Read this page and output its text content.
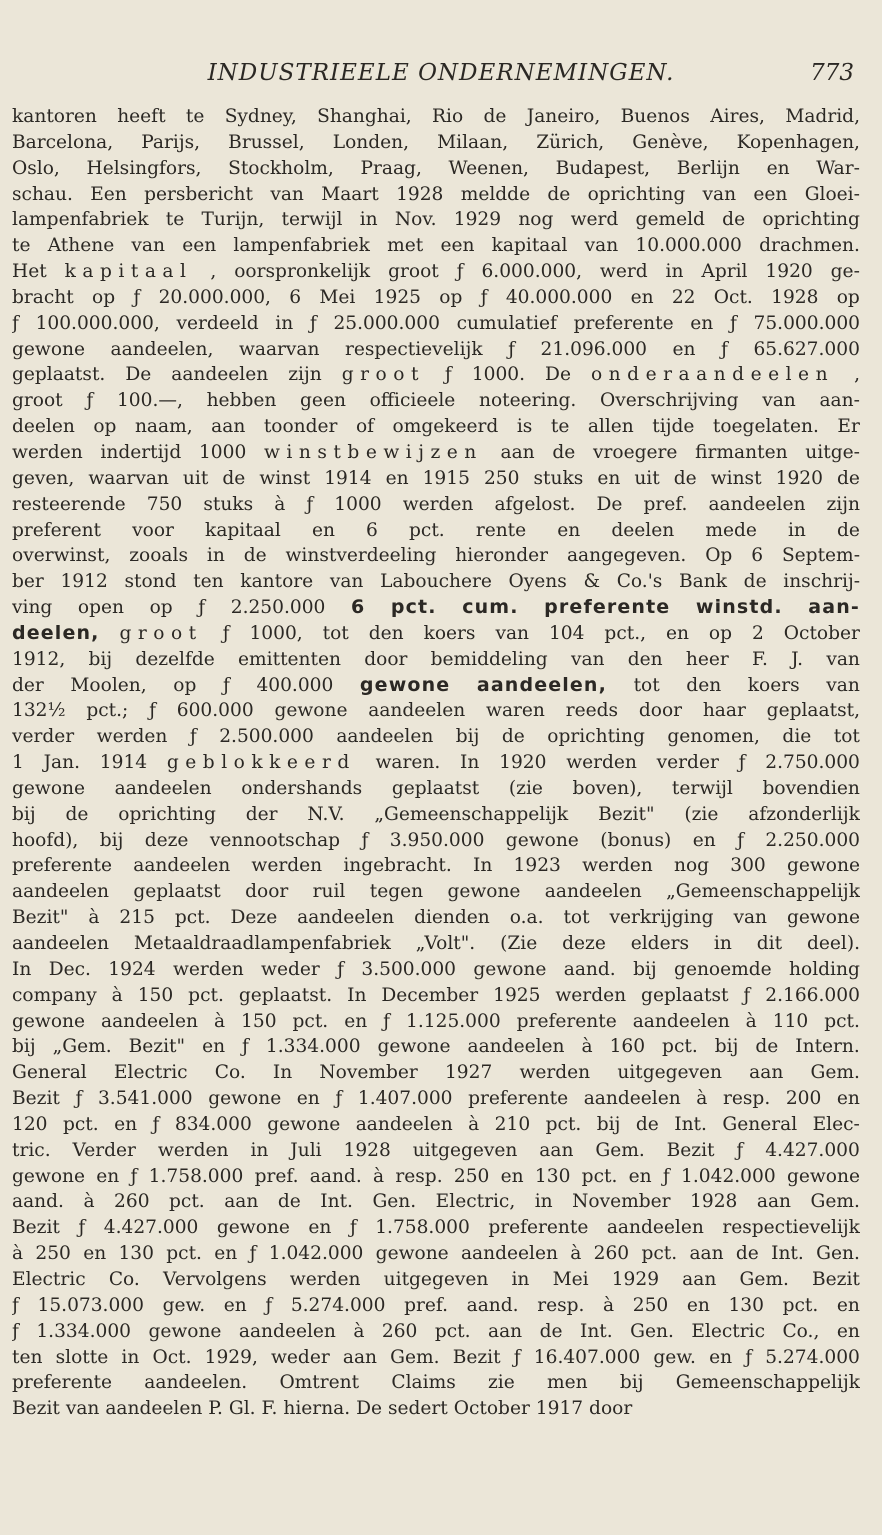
INDUSTRIEELE ONDERNEMINGEN.	773
kantoren heeft te Sydney, Shanghai, Rio de Janeiro, Buenos Aires, Madrid,
Barcelona, Parijs, Brussel, Londen, Milaan, Zürich, Genève, Kopenhagen,
Oslo, Helsingfors, Stockholm, Praag, Weenen, Budapest, Berlijn en War-
schau. Een persbericht van Maart 1928 meldde de oprichting van een Gloei-
lampenfabriek te Turijn, terwijl in Nov. 1929 nog werd gemeld de oprichting
te Athene van een lampenfabriek met een kapitaal van 10.000.000 drachmen.
Het kapitaal , oorspronkelijk groot ƒ 6.000.000, werd in April 1920 ge-
bracht op ƒ 20.000.000, 6 Mei 1925 op ƒ 40.000.000 en 22 Oct. 1928 op
ƒ 100.000.000, verdeeld in ƒ 25.000.000 cumulatief preferente en ƒ 75.000.000
gewone aandeelen, waarvan respectievelijk ƒ 21.096.000 en ƒ 65.627.000
geplaatst. De aandeelen zijn groot ƒ 1000. De onderaandeelen ,
groot ƒ 100.—, hebben geen officieele noteering. Overschrijving van aan-
deelen op naam, aan toonder of omgekeerd is te allen tijde toegelaten. Er
werden indertijd 1000 winstbewijzen aan de vroegere firmanten uitge-
geven, waarvan uit de winst 1914 en 1915 250 stuks en uit de winst 1920 de
resteerende 750 stuks à ƒ 1000 werden afgelost. De pref. aandeelen zijn
preferent voor kapitaal en 6 pct. rente en deelen mede in de
overwinst, zooals in de winstverdeeling hieronder aangegeven. Op 6 Septem-
ber 1912 stond ten kantore van Labouchere Oyens & Co.'s Bank de inschrij-
ving open op ƒ 2.250.000 6 pct. cum. preferente winstd. aan-
deelen, groot ƒ 1000, tot den koers van 104 pct., en op 2 October
1912, bij dezelfde emittenten door bemiddeling van den heer F. J. van
der Moolen, op ƒ 400.000 gewone aandeelen, tot den koers van
132½ pct.; ƒ 600.000 gewone aandeelen waren reeds door haar geplaatst,
verder werden ƒ 2.500.000 aandeelen bij de oprichting genomen, die tot
1 Jan. 1914 geblokkeerd waren. In 1920 werden verder ƒ 2.750.000
gewone aandeelen ondershands geplaatst (zie boven), terwijl bovendien
bij de oprichting der N.V. „Gemeenschappelijk Bezit" (zie afzonderlijk
hoofd), bij deze vennootschap ƒ 3.950.000 gewone (bonus) en ƒ 2.250.000
preferente aandeelen werden ingebracht. In 1923 werden nog 300 gewone
aandeelen geplaatst door ruil tegen gewone aandeelen „Gemeenschappelijk
Bezit" à 215 pct. Deze aandeelen dienden o.a. tot verkrijging van gewone
aandeelen Metaaldraadlampenfabriek „Volt". (Zie deze elders in dit deel).
In Dec. 1924 werden weder ƒ 3.500.000 gewone aand. bij genoemde holding
company à 150 pct. geplaatst. In December 1925 werden geplaatst ƒ 2.166.000
gewone aandeelen à 150 pct. en ƒ 1.125.000 preferente aandeelen à 110 pct.
bij „Gem. Bezit" en ƒ 1.334.000 gewone aandeelen à 160 pct. bij de Intern.
General Electric Co. In November 1927 werden uitgegeven aan Gem.
Bezit ƒ 3.541.000 gewone en ƒ 1.407.000 preferente aandeelen à resp. 200 en
120 pct. en ƒ 834.000 gewone aandeelen à 210 pct. bij de Int. General Elec-
tric. Verder werden in Juli 1928 uitgegeven aan Gem. Bezit ƒ 4.427.000
gewone en ƒ 1.758.000 pref. aand. à resp. 250 en 130 pct. en ƒ 1.042.000 gewone
aand. à 260 pct. aan de Int. Gen. Electric, in November 1928 aan Gem.
Bezit ƒ 4.427.000 gewone en ƒ 1.758.000 preferente aandeelen respectievelijk
à 250 en 130 pct. en ƒ 1.042.000 gewone aandeelen à 260 pct. aan de Int. Gen.
Electric Co. Vervolgens werden uitgegeven in Mei 1929 aan Gem. Bezit
ƒ 15.073.000 gew. en ƒ 5.274.000 pref. aand. resp. à 250 en 130 pct. en
ƒ 1.334.000 gewone aandeelen à 260 pct. aan de Int. Gen. Electric Co., en
ten slotte in Oct. 1929, weder aan Gem. Bezit ƒ 16.407.000 gew. en ƒ 5.274.000
preferente aandeelen. Omtrent Claims zie men bij Gemeenschappelijk
Bezit van aandeelen P. Gl. F. hierna. De sedert October 1917 door
